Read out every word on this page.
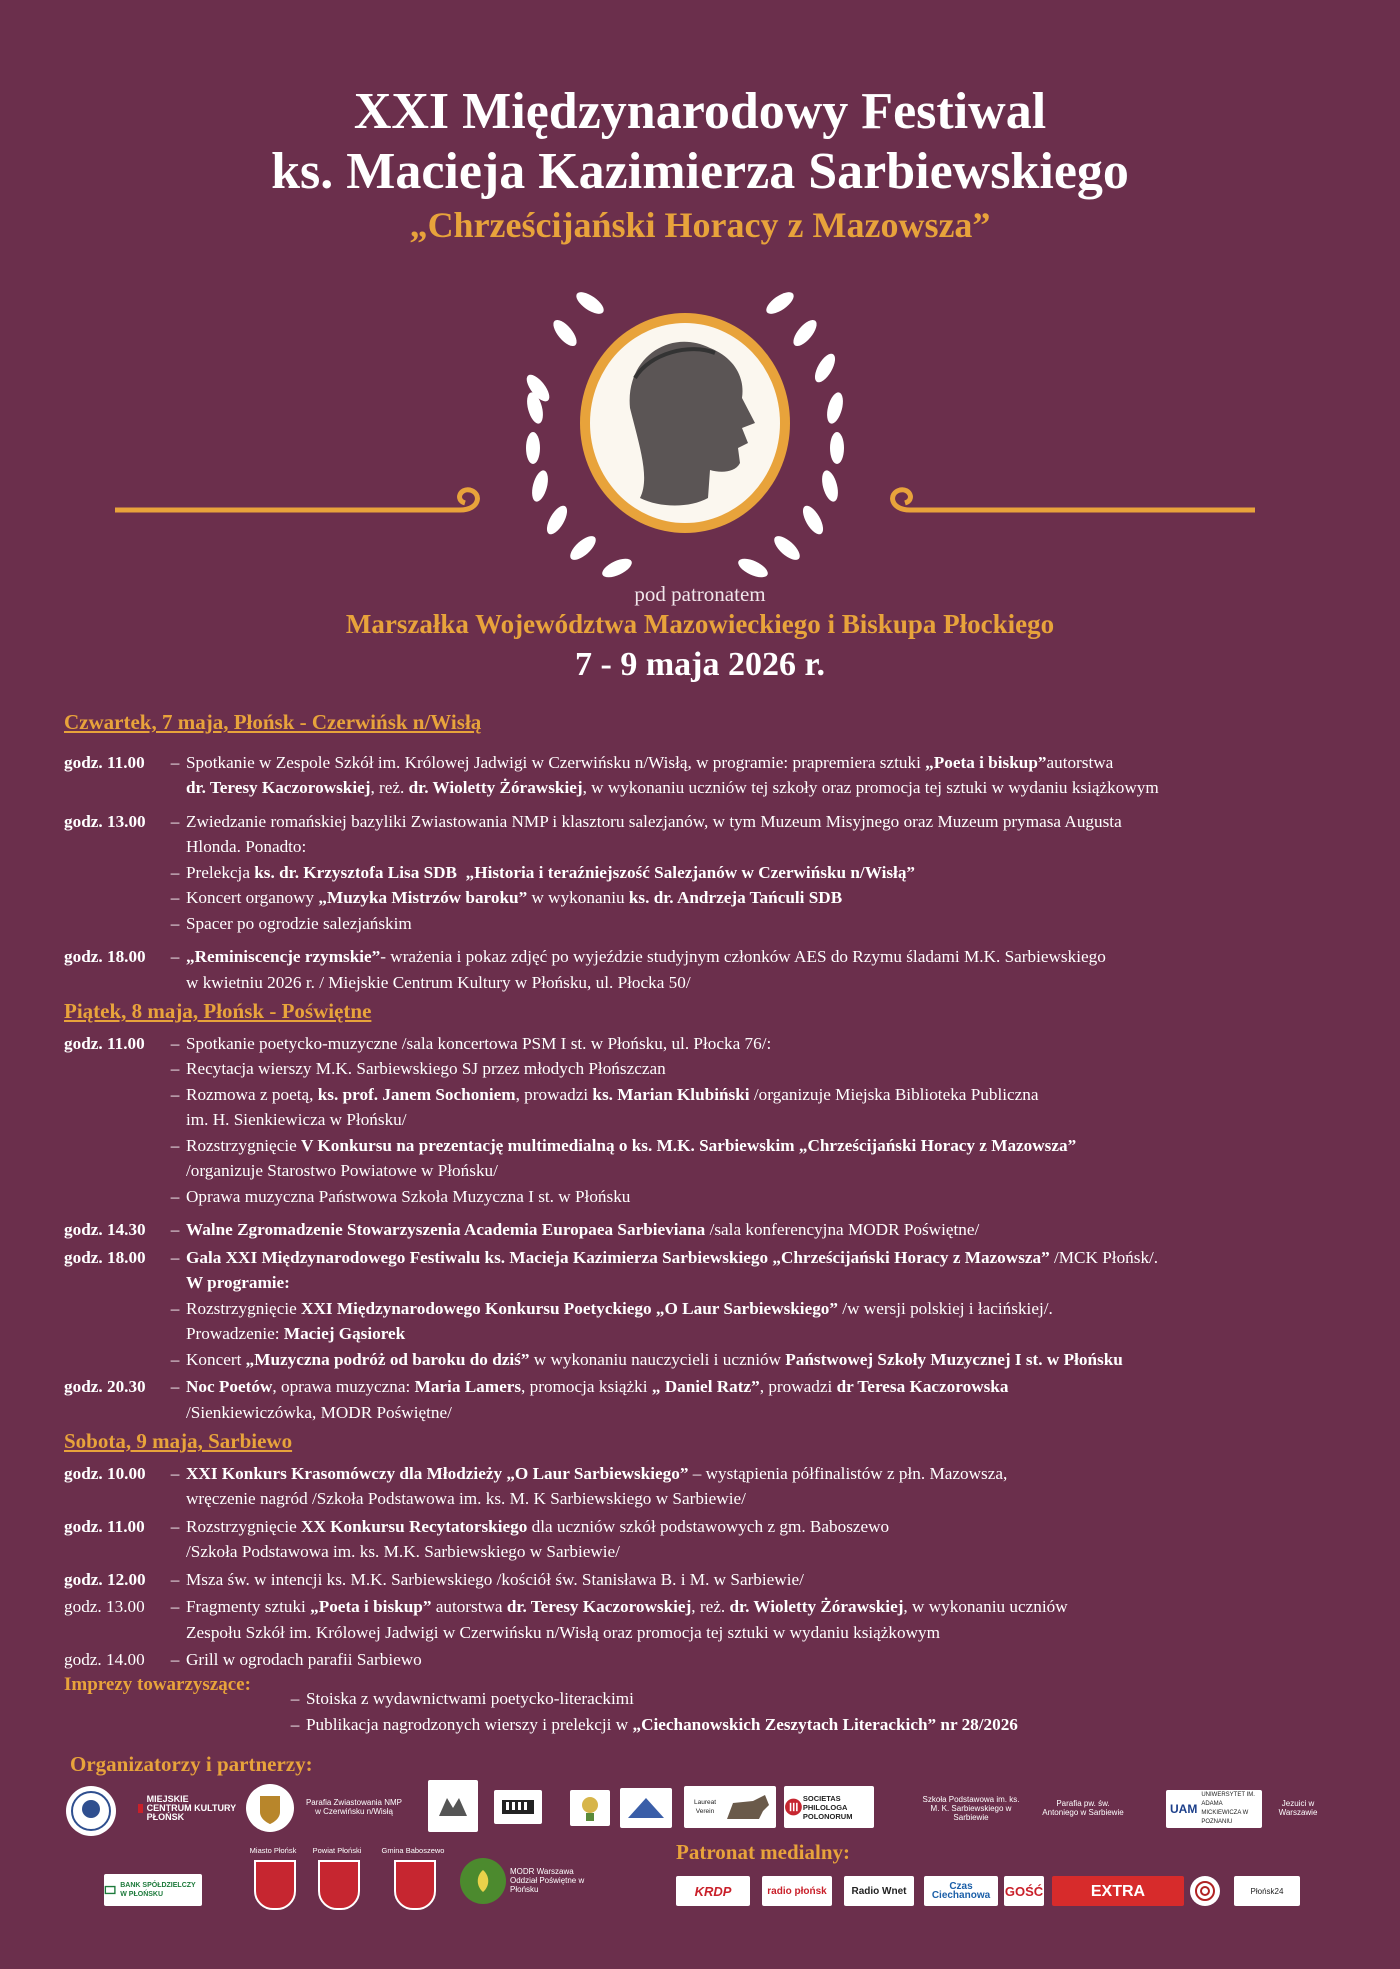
XXI Międzynarodowy Festiwal
ks. Macieja Kazimierza Sarbiewskiego
„Chrześcijański Horacy z Mazowsza”
pod patronatem
Marszałka Województwa Mazowieckiego i Biskupa Płockiego
7 - 9 maja 2026 r.
Czwartek, 7 maja, Płońsk - Czerwińsk n/Wisłą
godz. 11.00	– Spotkanie w Zespole Szkół im. Królowej Jadwigi w Czerwińsku n/Wisłą, w programie: prapremiera sztuki „Poeta i biskup”autorstwa
dr. Teresy Kaczorowskiej, reż. dr. Wioletty Żórawskiej, w wykonaniu uczniów tej szkoły oraz promocja tej sztuki w wydaniu książkowym
godz. 13.00	– Zwiedzanie romańskiej bazyliki Zwiastowania NMP i klasztoru salezjanów, w tym Muzeum Misyjnego oraz Muzeum prymasa Augusta
Hlonda. Ponadto:
– Prelekcja ks. dr. Krzysztofa Lisa SDB „Historia i teraźniejszość Salezjanów w Czerwińsku n/Wisłą”
– Koncert organowy „Muzyka Mistrzów baroku” w wykonaniu ks. dr. Andrzeja Tańculi SDB
– Spacer po ogrodzie salezjańskim
godz. 18.00	– „Reminiscencje rzymskie”- wrażenia i pokaz zdjęć po wyjeździe studyjnym członków AES do Rzymu śladami M.K. Sarbiewskiego
w kwietniu 2026 r. / Miejskie Centrum Kultury w Płońsku, ul. Płocka 50/
Piątek, 8 maja, Płońsk - Poświętne
godz. 11.00	– Spotkanie poetycko-muzyczne /sala koncertowa PSM I st. w Płońsku, ul. Płocka 76/:
– Recytacja wierszy M.K. Sarbiewskiego SJ przez młodych Płońszczan
– Rozmowa z poetą, ks. prof. Janem Sochoniem, prowadzi ks. Marian Klubiński /organizuje Miejska Biblioteka Publiczna
im. H. Sienkiewicza w Płońsku/
– Rozstrzygnięcie V Konkursu na prezentację multimedialną o ks. M.K. Sarbiewskim „Chrześcijański Horacy z Mazowsza”
/organizuje Starostwo Powiatowe w Płońsku/
– Oprawa muzyczna Państwowa Szkoła Muzyczna I st. w Płońsku
godz. 14.30	– Walne Zgromadzenie Stowarzyszenia Academia Europaea Sarbieviana /sala konferencyjna MODR Poświętne/
godz. 18.00	– Gala XXI Międzynarodowego Festiwalu ks. Macieja Kazimierza Sarbiewskiego „Chrześcijański Horacy z Mazowsza” /MCK Płońsk/.
W programie:
– Rozstrzygnięcie XXI Międzynarodowego Konkursu Poetyckiego „O Laur Sarbiewskiego” /w wersji polskiej i łacińskiej/.
Prowadzenie: Maciej Gąsiorek
– Koncert „Muzyczna podróż od baroku do dziś” w wykonaniu nauczycieli i uczniów Państwowej Szkoły Muzycznej I st. w Płońsku
godz. 20.30	– Noc Poetów, oprawa muzyczna: Maria Lamers, promocja książki „ Daniel Ratz”, prowadzi dr Teresa Kaczorowska
/Sienkiewiczówka, MODR Poświętne/
Sobota, 9 maja, Sarbiewo
godz. 10.00	– XXI Konkurs Krasomówczy dla Młodzieży „O Laur Sarbiewskiego” – wystąpienia półfinalistów z płn. Mazowsza,
wręczenie nagród /Szkoła Podstawowa im. ks. M. K Sarbiewskiego w Sarbiewie/
godz. 11.00	– Rozstrzygnięcie XX Konkursu Recytatorskiego dla uczniów szkół podstawowych z gm. Baboszewo
/Szkoła Podstawowa im. ks. M.K. Sarbiewskiego w Sarbiewie/
godz. 12.00	– Msza św. w intencji ks. M.K. Sarbiewskiego /kościół św. Stanisława B. i M. w Sarbiewie/
godz. 13.00	– Fragmenty sztuki „Poeta i biskup” autorstwa dr. Teresy Kaczorowskiej, reż. dr. Wioletty Żórawskiej, w wykonaniu uczniów
Zespołu Szkół im. Królowej Jadwigi w Czerwińsku n/Wisłą oraz promocja tej sztuki w wydaniu książkowym
godz. 14.00	– Grill w ogrodach parafii Sarbiewo
Imprezy towarzyszące:
– Stoiska z wydawnictwami poetycko-literackimi
– Publikacja nagrodzonych wierszy i prelekcji w „Ciechanowskich Zeszytach Literackich” nr 28/2026
Organizatorzy i partnerzy:
MIEJSKIE CENTRUM KULTURY PŁOŃSK
Parafia Zwiastowania NMP w Czerwińsku n/Wisłą
Laureat Verein
SOCIETAS PHILOLOGA POLONORUM
Szkoła Podstawowa im. ks. M. K. Sarbiewskiego w Sarbiewie
Parafia pw. św. Antoniego w Sarbiewie	UAM
UNIWERSYTET IM. ADAMA MICKIEWICZA W POZNANIU
Jezuici w Warszawie
BANK SPÓŁDZIELCZY W PŁOŃSKU
Miasto Płońsk	Powiat Płoński	Gmina Baboszewo
MODR Warszawa Oddział Poświętne w Płońsku
Patronat medialny:
KRDP	radio płońsk	Radio Wnet	Czas Ciechanowa	GOŚĆ	EXTRA	Płońsk24
